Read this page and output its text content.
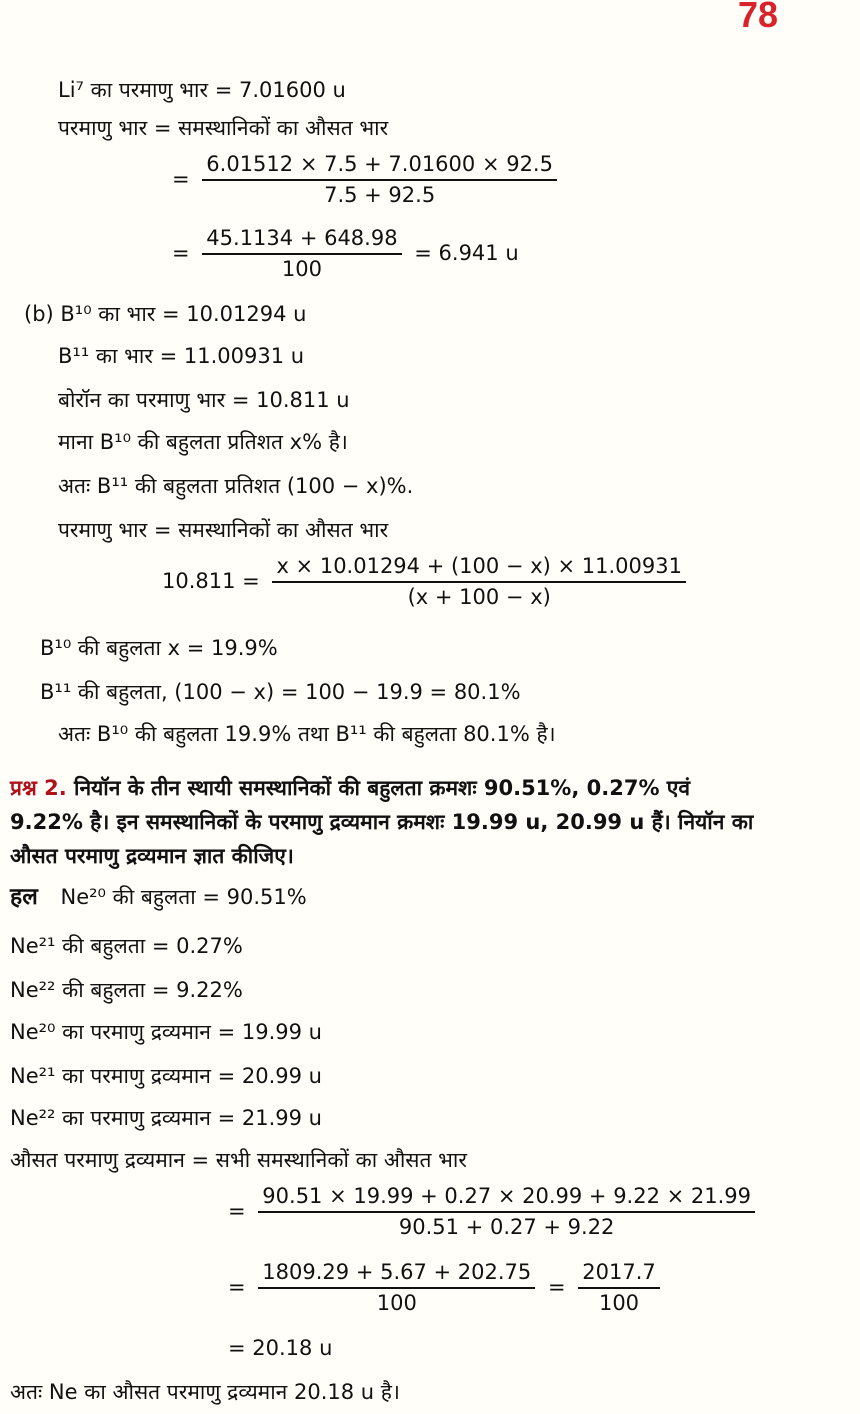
78
Li⁷ का परमाणु भार = 7.01600 u
परमाणु भार = समस्थानिकों का औसत भार
= $\frac{6.01512 \times 7.5 + 7.01600 \times 92.5}{7.5 + 92.5}$
= $\frac{45.1134 + 648.98}{100} = 6.941$ u
(b) B¹⁰ का भार = 10.01294 u
B¹¹ का भार = 11.00931 u
बोरॉन का परमाणु भार = 10.811 u
माना B¹⁰ की बहुलता प्रतिशत x% है।
अतः B¹¹ की बहुलता प्रतिशत (100 − x)%.
परमाणु भार = समस्थानिकों का औसत भार
$10.811 = \frac{x \times 10.01294 + (100 - x) \times 11.00931}{(x + 100 - x)}$
B¹⁰ की बहुलता x = 19.9%
B¹¹ की बहुलता, (100 − x) = 100 − 19.9 = 80.1%
अतः B¹⁰ की बहुलता 19.9% तथा B¹¹ की बहुलता 80.1% है।
प्रश्न 2. नियॉन के तीन स्थायी समस्थानिकों की बहुलता क्रमशः 90.51%, 0.27% एवं
9.22% है। इन समस्थानिकों के परमाणु द्रव्यमान क्रमशः 19.99 u, 20.99 u हैं। नियॉन का
औसत परमाणु द्रव्यमान ज्ञात कीजिए।
हल Ne²⁰ की बहुलता = 90.51%
Ne²¹ की बहुलता = 0.27%
Ne²² की बहुलता = 9.22%
Ne²⁰ का परमाणु द्रव्यमान = 19.99 u
Ne²¹ का परमाणु द्रव्यमान = 20.99 u
Ne²² का परमाणु द्रव्यमान = 21.99 u
औसत परमाणु द्रव्यमान = सभी समस्थानिकों का औसत भार
= $\frac{90.51 \times 19.99 + 0.27 \times 20.99 + 9.22 \times 21.99}{90.51 + 0.27 + 9.22}$
= $\frac{1809.29 + 5.67 + 202.75}{100} = \frac{2017.7}{100}$
= 20.18 u
अतः Ne का औसत परमाणु द्रव्यमान 20.18 u है।
